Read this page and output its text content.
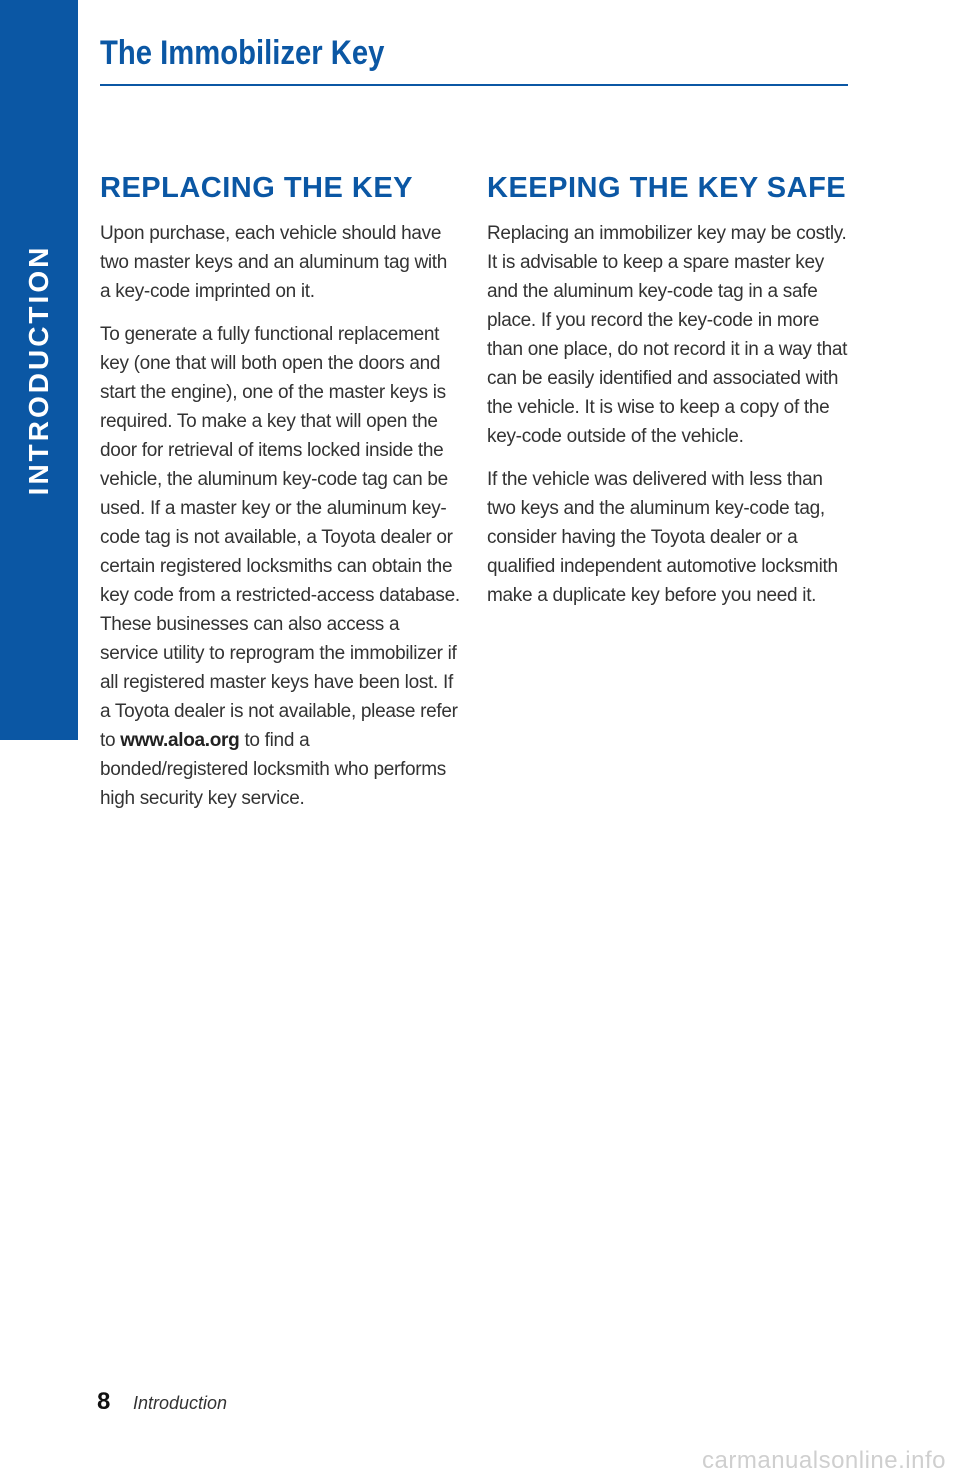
INTRODUCTION
The Immobilizer Key
REPLACING THE KEY

Upon purchase, each vehicle should have two master keys and an aluminum tag with a key-code imprinted on it.

To generate a fully functional replacement key (one that will both open the doors and start the engine), one of the master keys is required. To make a key that will open the door for retrieval of items locked inside the vehicle, the aluminum key-code tag can be used. If a master key or the aluminum key-code tag is not available, a Toyota dealer or certain registered locksmiths can obtain the key code from a restricted-access database. These businesses can also access a service utility to reprogram the immobilizer if all registered master keys have been lost. If a Toyota dealer is not available, please refer to www.aloa.org to find a bonded/registered locksmith who performs high security key service.

KEEPING THE KEY SAFE

Replacing an immobilizer key may be costly. It is advisable to keep a spare master key and the aluminum key-code tag in a safe place. If you record the key-code in more than one place, do not record it in a way that can be easily identified and associated with the vehicle. It is wise to keep a copy of the key-code outside of the vehicle.

If the vehicle was delivered with less than two keys and the aluminum key-code tag, consider having the Toyota dealer or a qualified independent automotive locksmith make a duplicate key before you need it.

8 Introduction
carmanualsonline.info
